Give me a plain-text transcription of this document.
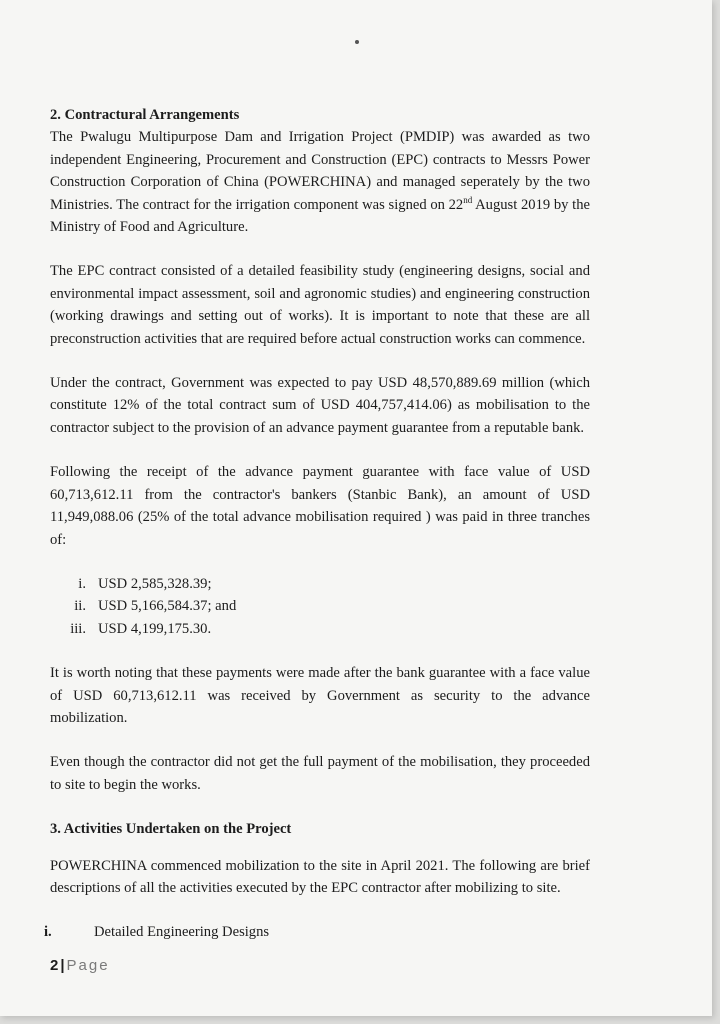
2. Contractural Arrangements

The Pwalugu Multipurpose Dam and Irrigation Project (PMDIP) was awarded as two independent Engineering, Procurement and Construction (EPC) contracts to Messrs Power Construction Corporation of China (POWERCHINA) and managed seperately by the two Ministries. The contract for the irrigation component was signed on 22nd August 2019 by the Ministry of Food and Agriculture.

The EPC contract consisted of a detailed feasibility study (engineering designs, social and environmental impact assessment, soil and agronomic studies) and engineering construction (working drawings and setting out of works). It is important to note that these are all preconstruction activities that are required before actual construction works can commence.

Under the contract, Government was expected to pay USD 48,570,889.69 million (which constitute 12% of the total contract sum of USD 404,757,414.06) as mobilisation to the contractor subject to the provision of an advance payment guarantee from a reputable bank.

Following the receipt of the advance payment guarantee with face value of USD 60,713,612.11 from the contractor's bankers (Stanbic Bank), an amount of USD 11,949,088.06 (25% of the total advance mobilisation required ) was paid in three tranches of:

i. USD 2,585,328.39;
ii. USD 5,166,584.37; and
iii. USD 4,199,175.30.

It is worth noting that these payments were made after the bank guarantee with a face value of USD 60,713,612.11 was received by Government as security to the advance mobilization.

Even though the contractor did not get the full payment of the mobilisation, they proceeded to site to begin the works.

3. Activities Undertaken on the Project

POWERCHINA commenced mobilization to the site in April 2021. The following are brief descriptions of all the activities executed by the EPC contractor after mobilizing to site.

i.	Detailed Engineering Designs
2 | Page
